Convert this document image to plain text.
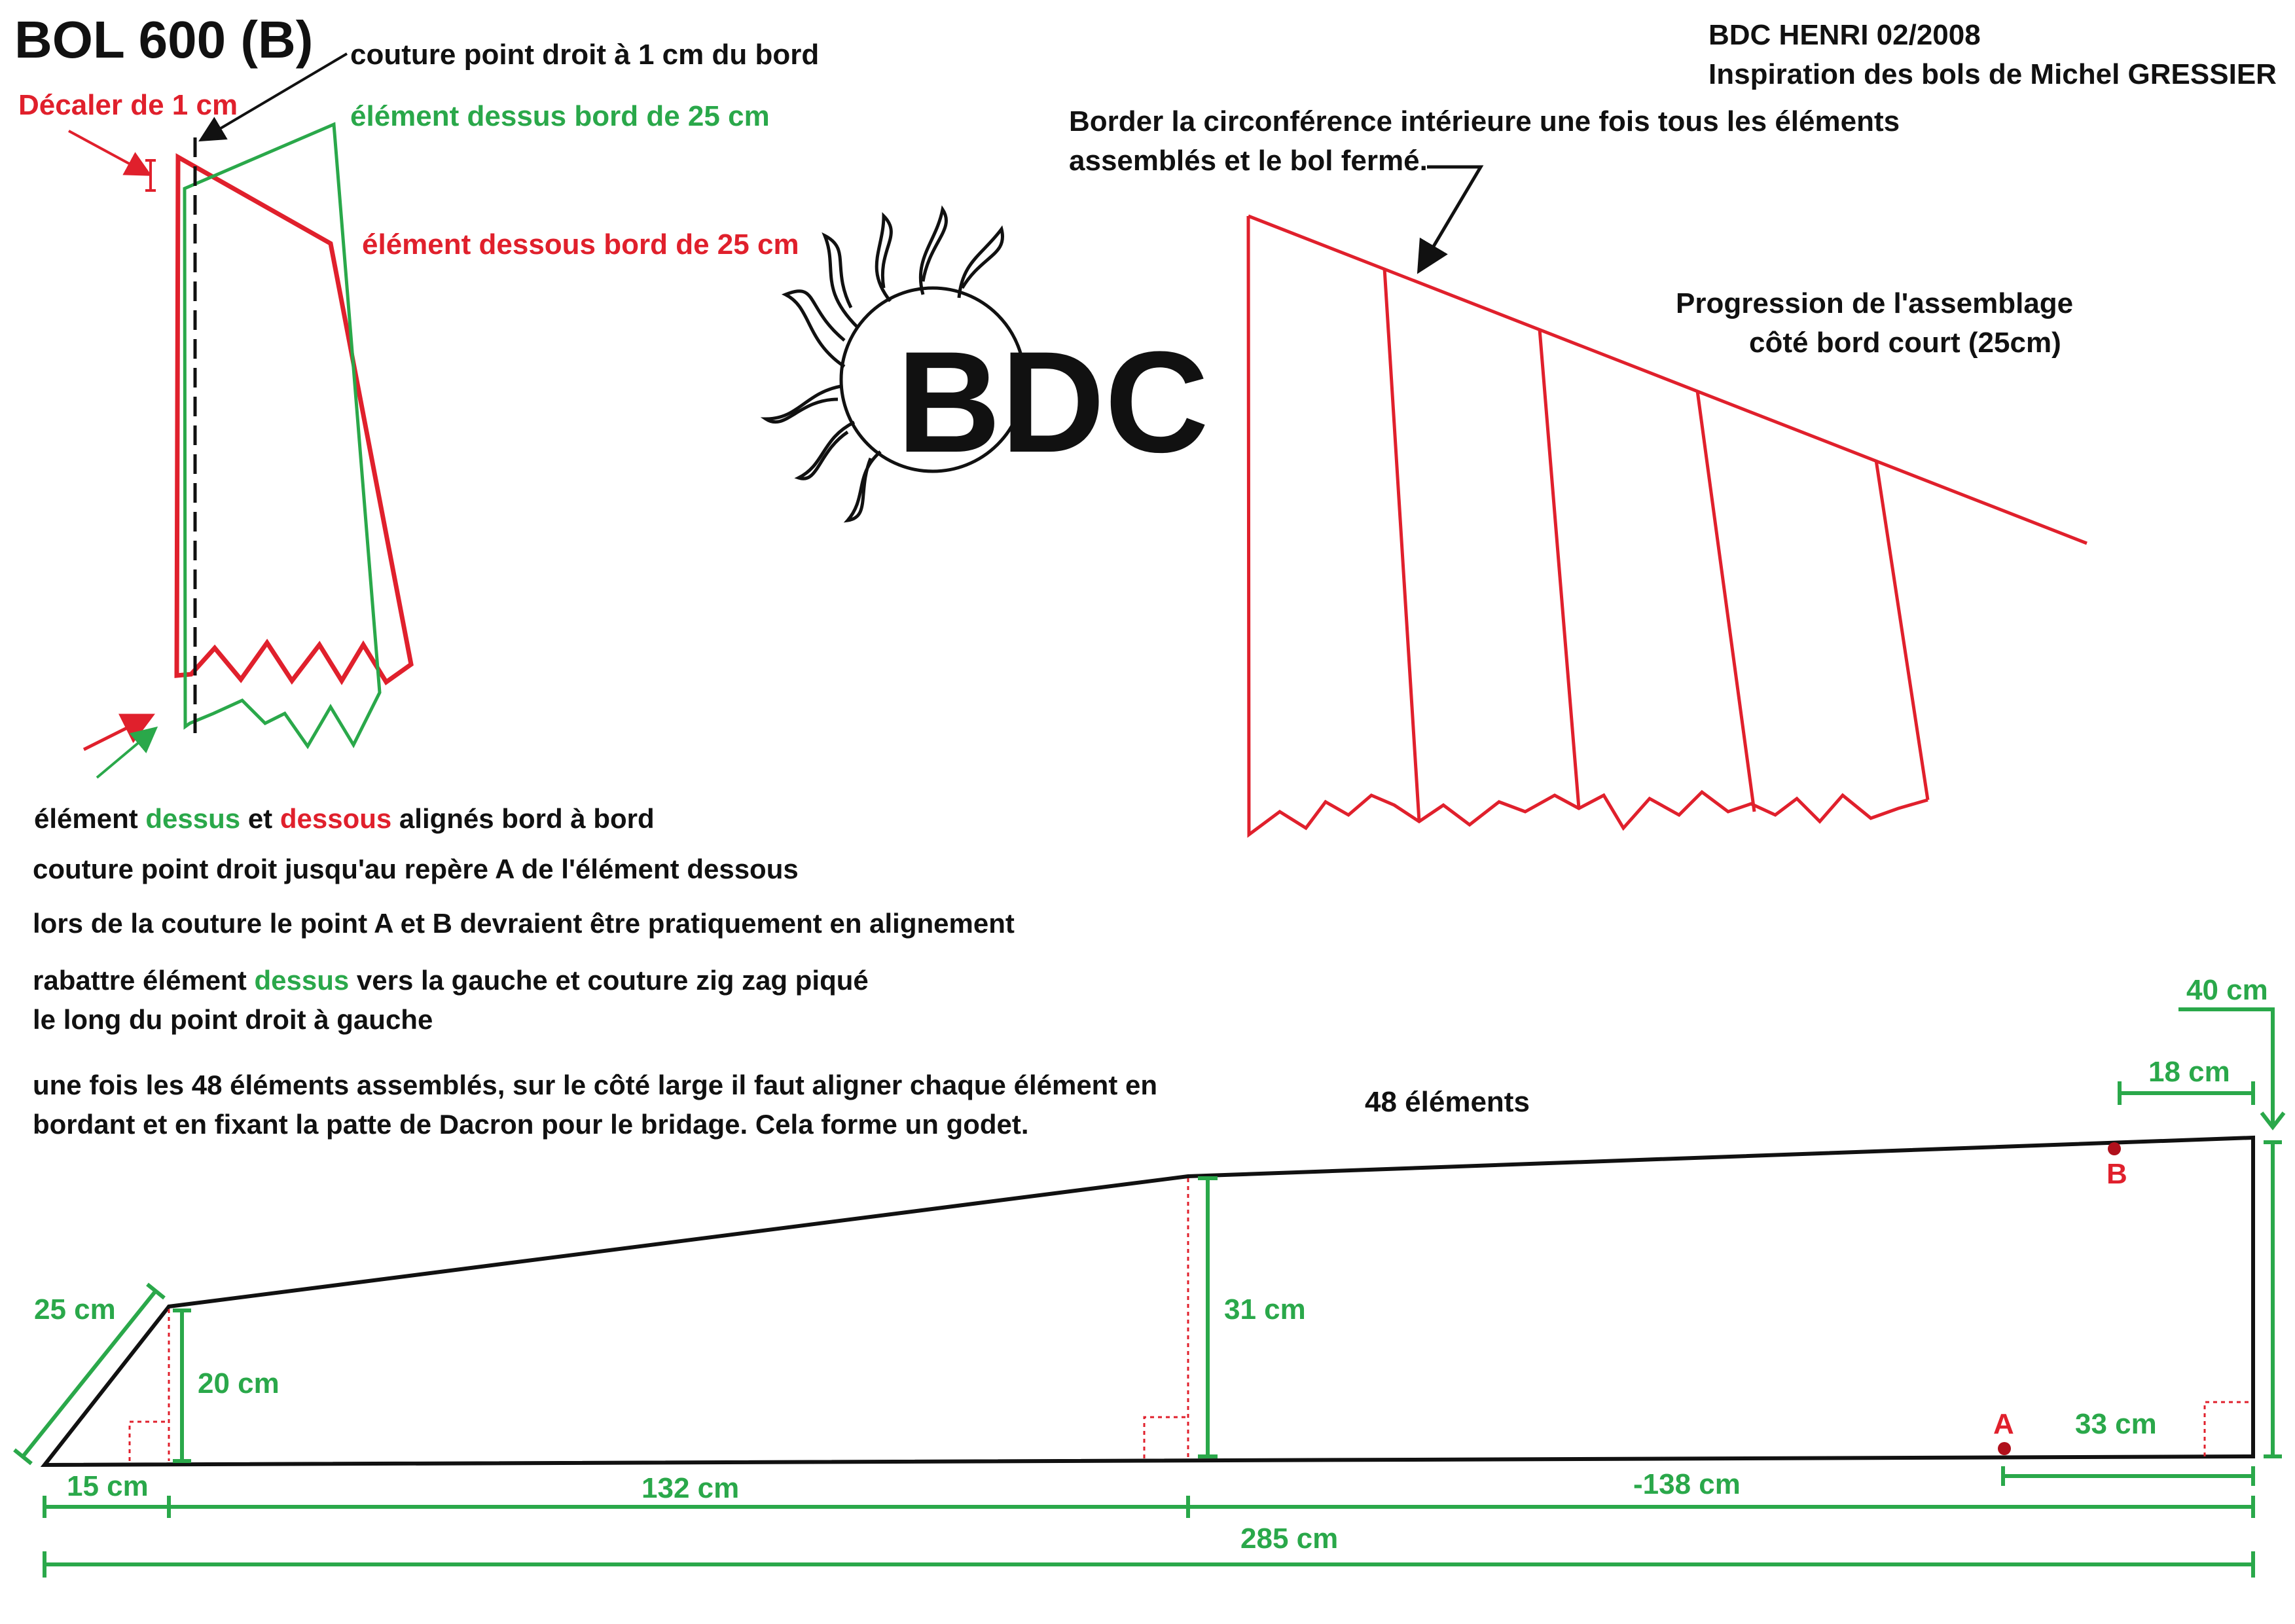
BOL 600 (B)	BDC HENRI 02/2008
Inspiration des bols de Michel GRESSIER
couture point droit à 1 cm du bord
Décaler de 1 cm	élément dessus bord de 25 cm
élément dessous bord de 25 cm
BDC
Border la circonférence intérieure une fois tous les éléments
assemblés et le bol fermé.
Progression de l'assemblage
côté bord court (25cm)
élément dessus et dessous alignés bord à bord
couture point droit jusqu'au repère A de l'élément dessous
lors de la couture le point A et B devraient être pratiquement en alignement
rabattre élément dessus vers la gauche et couture zig zag piqué
le long du point droit à gauche
une fois les 48 éléments assemblés, sur le côté large il faut aligner chaque élément en
bordant et en fixant la patte de Dacron pour le bridage. Cela forme un godet.
48 éléments
25 cm
20 cm
31 cm
40 cm
18 cm
33 cm
A
B
15 cm	132 cm	-138 cm
285 cm
